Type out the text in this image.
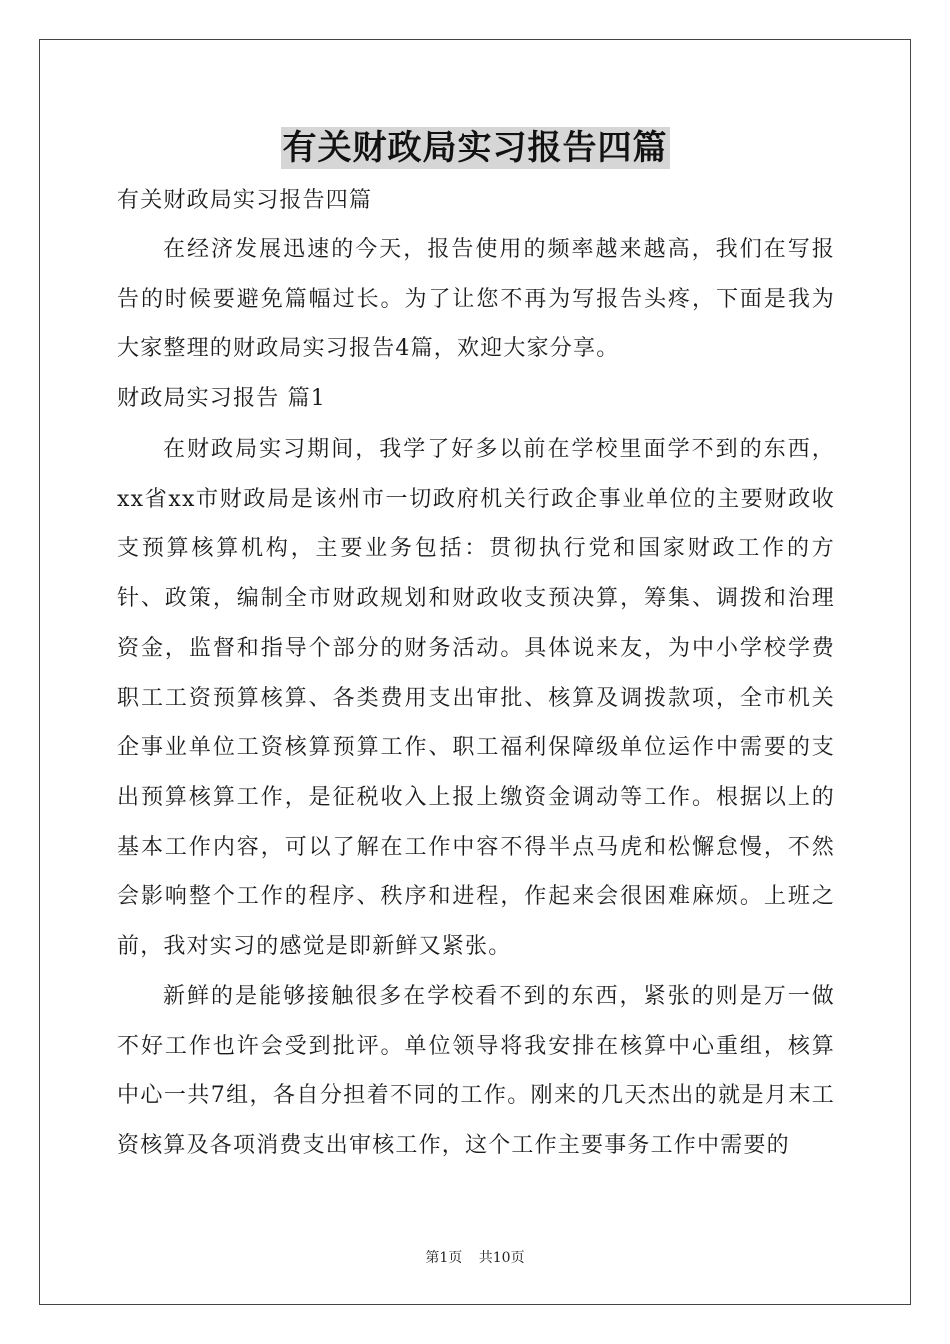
有关财政局实习报告四篇
有关财政局实习报告四篇

在经济发展迅速的今天，报告使用的频率越来越高，我们在写报告的时候要避免篇幅过长。为了让您不再为写报告头疼，下面是我为大家整理的财政局实习报告4篇，欢迎大家分享。

财政局实习报告 篇1

在财政局实习期间，我学了好多以前在学校里面学不到的东西，xx省xx市财政局是该州市一切政府机关行政企事业单位的主要财政收支预算核算机构，主要业务包括：贯彻执行党和国家财政工作的方针、政策，编制全市财政规划和财政收支预决算，筹集、调拨和治理资金，监督和指导个部分的财务活动。具体说来友，为中小学校学费职工工资预算核算、各类费用支出审批、核算及调拨款项，全市机关企事业单位工资核算预算工作、职工福利保障级单位运作中需要的支出预算核算工作，是征税收入上报上缴资金调动等工作。根据以上的基本工作内容，可以了解在工作中容不得半点马虎和松懈怠慢，不然会影响整个工作的程序、秩序和进程，作起来会很困难麻烦。上班之前，我对实习的感觉是即新鲜又紧张。

新鲜的是能够接触很多在学校看不到的东西，紧张的则是万一做不好工作也许会受到批评。单位领导将我安排在核算中心重组，核算中心一共7组，各自分担着不同的工作。刚来的几天杰出的就是月末工资核算及各项消费支出审核工作，这个工作主要事务工作中需要的

第1页 共10页
